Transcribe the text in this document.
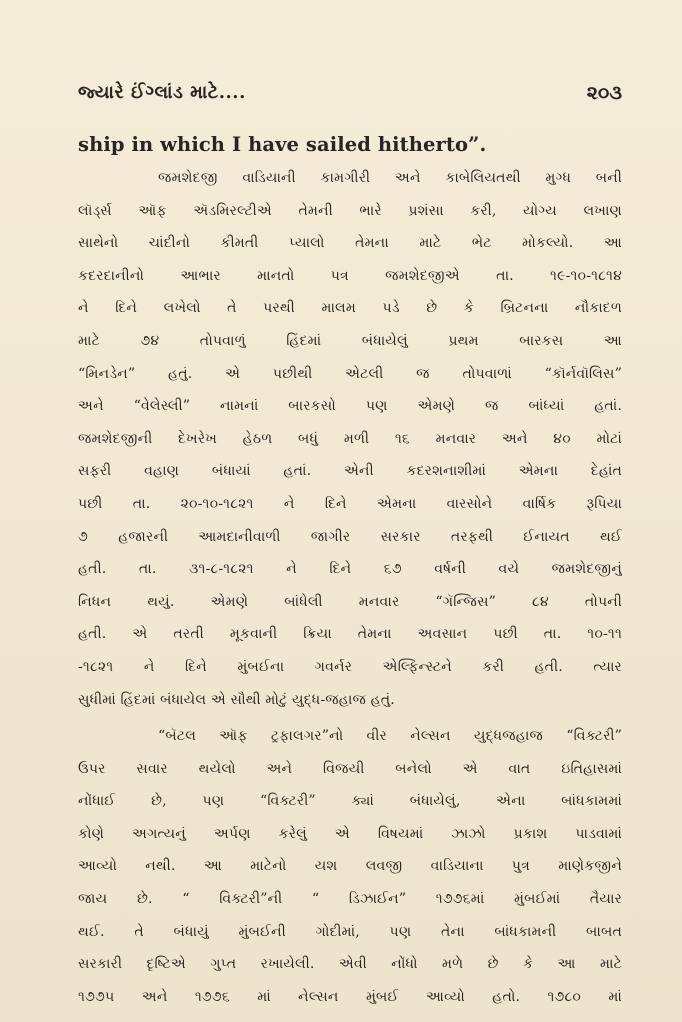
જ્યારે ઈંગ્લાંડ માટે....	૨૦૩
ship in which I have sailed hitherto”.
જમશેદજી વાડિયાની કામગીરી અને કાબેલિયતથી મુગ્ધ બની
લૉર્ડ્સ ઑફ ઍડમિરલ્ટીએ તેમની ભારે પ્રશંસા કરી, યોગ્ય લખાણ
સાથેનો ચાંદીનો કીમતી પ્યાલો તેમના માટે ભેટ મોકલ્યો. આ
કદરદાનીનો આભાર માનતો પત્ર જમશેદજીએ તા. ૧૯-૧૦-૧૮૧૪
ને દિને લખેલો તે પરથી માલમ પડે છે કે બ્રિટનના નૌકાદળ
માટે ૭૪ તોપવાળું હિંદમાં બંધાયેલું પ્રથમ બારકસ આ
“મિનડેન” હતું. એ પછીથી એટલી જ તોપવાળાં “કૉર્નવૉલિસ”
અને “વેલેસ્લી” નામનાં બારકસો પણ એમણે જ બાંધ્યાં હતાં.
જમશેદજીની દેખરેખ હેઠળ બધું મળી ૧૬ મનવાર અને ૪૦ મોટાં
સફરી વહાણ બંધાયાં હતાં. એની કદરશનાશીમાં એમના દેહાંત
પછી તા. ૨૦-૧૦-૧૮૨૧ ને દિને એમના વારસોને વાર્ષિક રૂપિયા
૭ હજારની આમદાનીવાળી જાગીર સરકાર તરફથી ઈનાયત થઈ
હતી. તા. ૩૧-૮-૧૮૨૧ ને દિને ૬૭ વર્ષની વયે જમશેદજીનું
નિધન થયું. એમણે બાંધેલી મનવાર “ગૅન્જિસ” ૮૪ તોપની
હતી. એ તરતી મૂકવાની ક્રિયા તેમના અવસાન પછી તા. ૧૦-૧૧
-૧૮૨૧ ને દિને મુંબઈના ગવર્નર એલ્ફિન્સ્ટને કરી હતી. ત્યાર
સુધીમાં હિંદમાં બંધાયેલ એ સૌથી મોટું યુદ્ધ-જહાજ હતું.
“બૅટલ ઑફ ટ્રફાલગર”નો વીર નેલ્સન યુદ્ધજહાજ “વિક્ટરી”
ઉપર સવાર થયેલો અને વિજયી બનેલો એ વાત ઇતિહાસમાં
નોંધાઈ છે, પણ “વિક્ટરી” ક્યાં બંધાયેલું, એના બાંધકામમાં
કોણે અગત્યનું અર્પણ કરેલું એ વિષયમાં ઝાઝો પ્રકાશ પાડવામાં
આવ્યો નથી. આ માટેનો યશ લવજી વાડિયાના પુત્ર માણેકજીને
જાય છે. “ વિક્ટરી”ની “ ડિઝાઈન” ૧૭૭૬માં મુંબઈમાં તૈયાર
થઈ. તે બંધાયું મુંબઈની ગોદીમાં, પણ તેના બાંધકામની બાબત
સરકારી દૃષ્ટિએ ગુપ્ત રખાયેલી. એવી નોંધો મળે છે કે આ માટે
૧૭૭૫ અને ૧૭૭૬ માં નેલ્સન મુંબઈ આવ્યો હતો. ૧૭૮૦ માં
